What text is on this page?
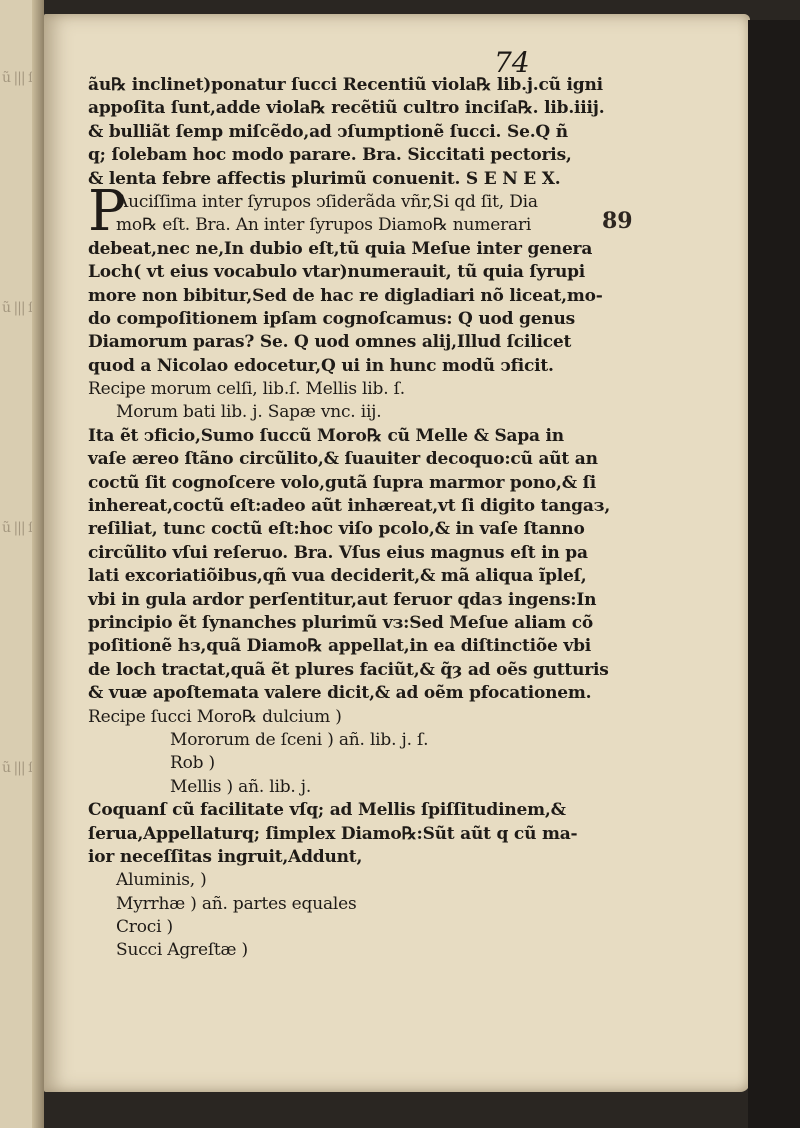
ũ ||| ſ
ũ ||| ſ
ũ ||| ſ
ũ ||| ſ
74
89
P
ãu℞ inclinet)ponatur ſucci Recentiũ viola℞ lib.j.cũ igni
appoſita ſunt,adde viola℞ recẽtiũ cultro inciſa℞. lib.iiij.
& bulliãt ſemp miſcẽdo,ad ↄſumptionẽ ſucci. Se.Q ñ
q; ſolebam hoc modo parare. Bra. Siccitati pectoris,
& lenta febre affectis plurimũ conuenit. S E N E X.
Auciſſima inter ſyrupos ↄſiderãda vñr,Si qd ſit, Dia
mo℞ eſt. Bra. An inter ſyrupos Diamo℞ numerari
debeat,nec ne,In dubio eſt,tũ quia Meſue inter genera
Loch( vt eius vocabulo vtar)numerauit, tũ quia ſyrupi
more non bibitur,Sed de hac re digladiari nõ liceat,mo-
do compoſitionem ipſam cognoſcamus: Q uod genus
Diamorum paras? Se. Q uod omnes alij,Illud ſcilicet
quod a Nicolao edocetur,Q ui in hunc modũ ↄficit.
Recipe morum celſi, lib.ſ. Mellis lib. ſ.
Morum bati lib. j. Sapæ vnc. iij.
Ita ẽt ↄficio,Sumo ſuccũ Moro℞ cũ Melle & Sapa in
vaſe æreo ſtãno circũlito,& ſuauiter decoquo:cũ aũt an
coctũ ſit cognoſcere volo,gutã ſupra marmor pono,& ſi
inhereat,coctũ eſt:adeo aũt inhæreat,vt ſi digito tangaз,
reſiliat, tunc coctũ eſt:hoc viſo pcolo,& in vaſe ſtanno
circũlito vſui reſeruo. Bra. Vſus eius magnus eſt in pa
lati excoriatiõibus,qñ vua deciderit,& mã aliqua ĩpleſ,
vbi in gula ardor perſentitur,aut feruor qdaз ingens:In
principio ẽt ſynanches plurimũ vз:Sed Meſue aliam cõ
poſitionẽ hз,quã Diamo℞ appellat,in ea diſtinctiõe vbi
de loch tractat,quã ẽt plures faciũt,& q̃ȝ ad oẽs gutturis
& vuæ apoſtemata valere dicit,& ad oẽm pfocationem.
Recipe ſucci Moro℞ dulcium )
Mororum de ſceni ) añ. lib. j. ſ.
Rob )
Mellis ) añ. lib. j.
Coquanſ cũ facilitate vſq; ad Mellis ſpiſſitudinem,&
ſerua,Appellaturq; ſimplex Diamo℞:Sũt aũt q cũ ma-
ior neceſſitas ingruit,Addunt,
Aluminis, )
Myrrhæ ) añ. partes equales
Croci )
Succi Agreſtæ )
